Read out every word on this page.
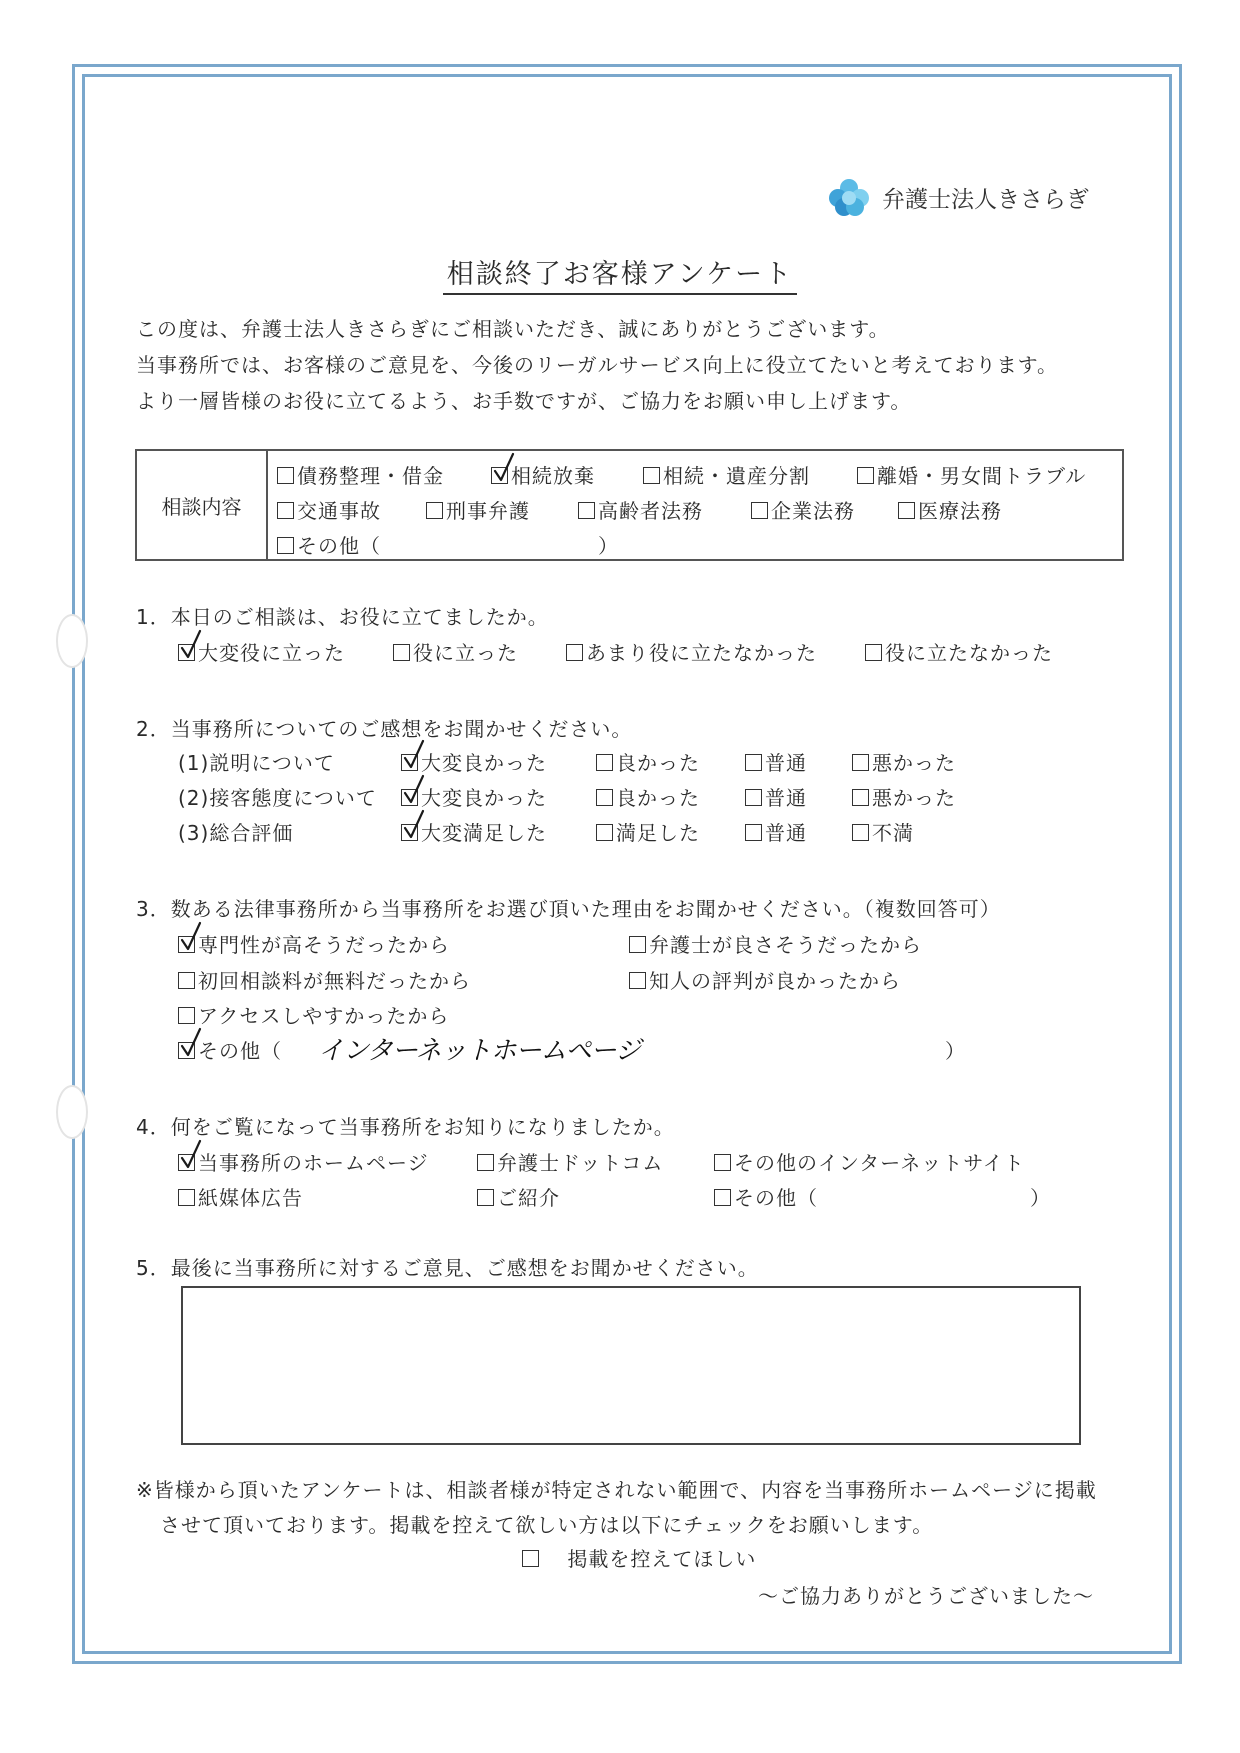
弁護士法人きさらぎ
相談終了お客様アンケート
この度は、弁護士法人きさらぎにご相談いただき、誠にありがとうございます。
当事務所では、お客様のご意見を、今後のリーガルサービス向上に役立てたいと考えております。
より一層皆様のお役に立てるよう、お手数ですが、ご協力をお願い申し上げます。
相談内容
債務整理・借金	相続放棄	相続・遺産分割	離婚・男女間トラブル
交通事故	刑事弁護	高齢者法務	企業法務	医療法務
その他（	）
1．本日のご相談は、お役に立てましたか。
大変役に立った	役に立った	あまり役に立たなかった	役に立たなかった
2．当事務所についてのご感想をお聞かせください。
(1)説明について	大変良かった	良かった	普通	悪かった
(2)接客態度について	大変良かった	良かった	普通	悪かった
(3)総合評価	大変満足した	満足した	普通	不満
3．数ある法律事務所から当事務所をお選び頂いた理由をお聞かせください。（複数回答可）
専門性が高そうだったから	弁護士が良さそうだったから
初回相談料が無料だったから	知人の評判が良かったから
アクセスしやすかったから
その他（ インターネットホームページ	）
4．何をご覧になって当事務所をお知りになりましたか。
当事務所のホームページ	弁護士ドットコム	その他のインターネットサイト
紙媒体広告	ご紹介	その他（	）
5．最後に当事務所に対するご意見、ご感想をお聞かせください。
※皆様から頂いたアンケートは、相談者様が特定されない範囲で、内容を当事務所ホームページに掲載
させて頂いております。掲載を控えて欲しい方は以下にチェックをお願いします。
掲載を控えてほしい
～ご協力ありがとうございました～
